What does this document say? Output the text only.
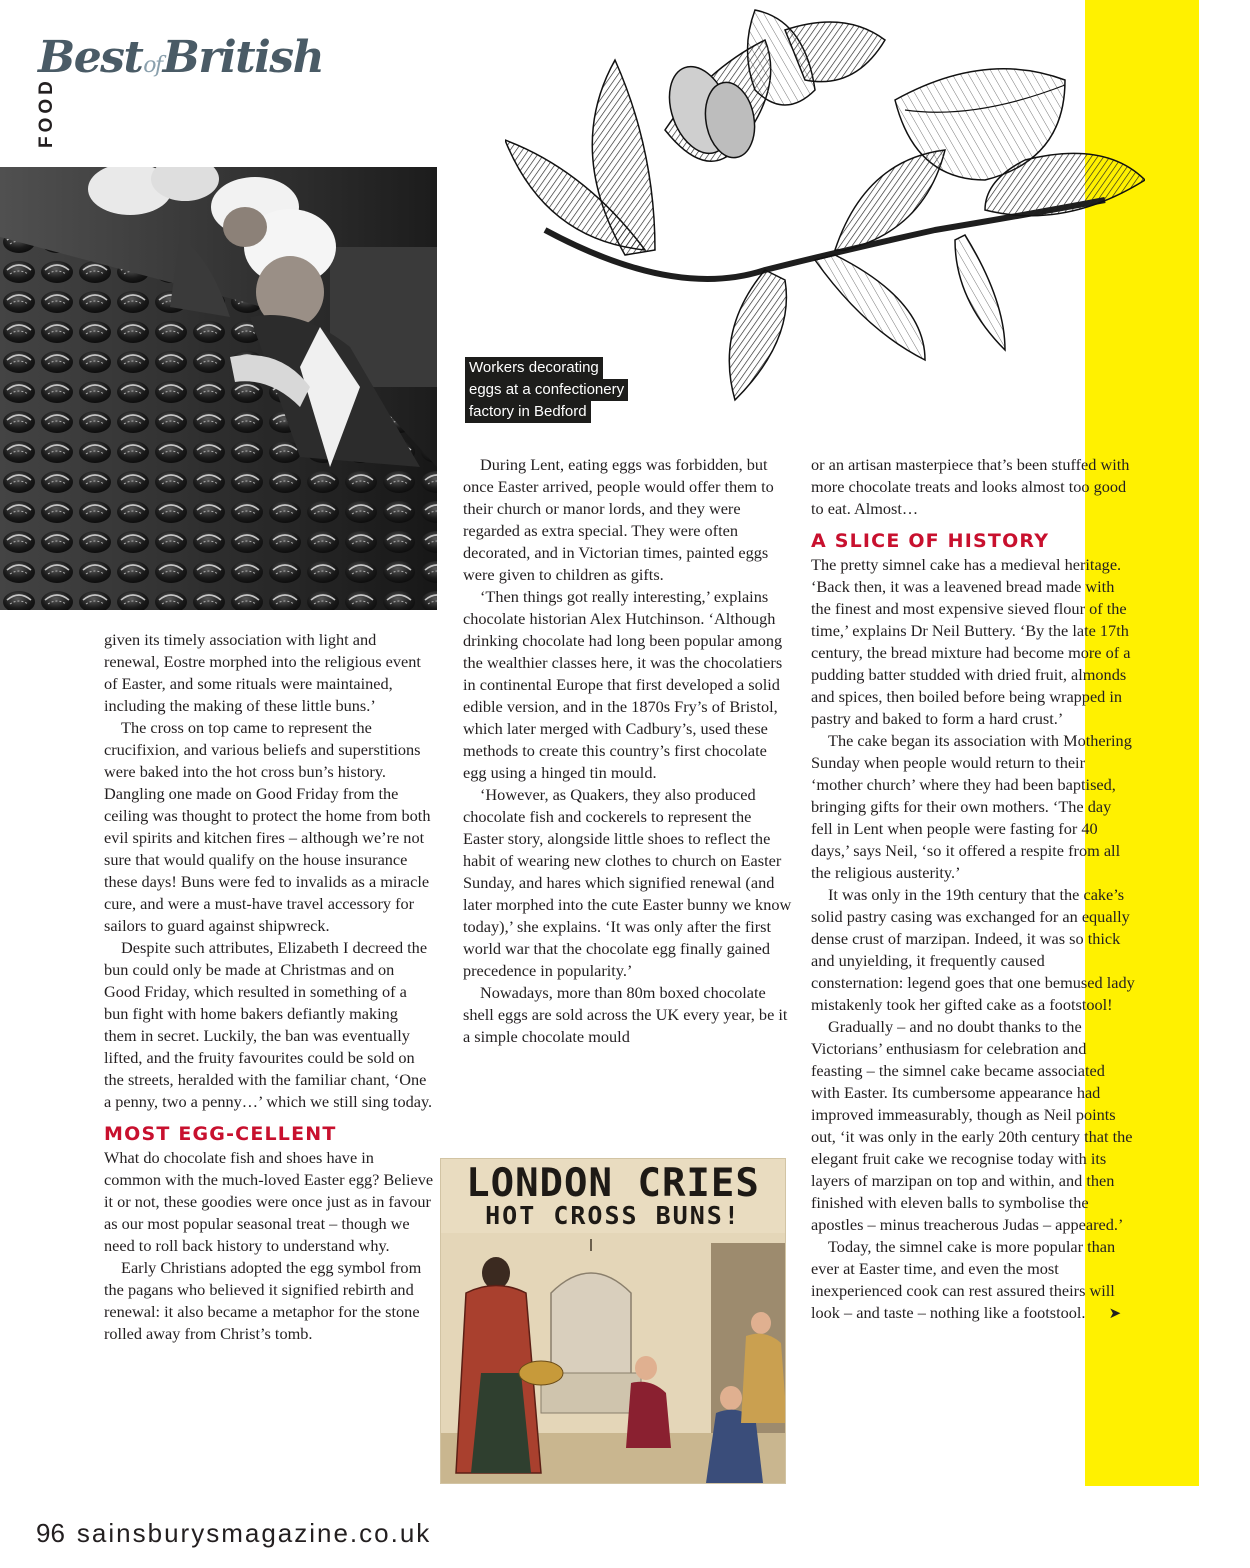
BestofBritish
FOOD
Workers decorating
eggs at a confectionery
factory in Bedford

given its timely association with light and renewal, Eostre morphed into the religious event of Easter, and some rituals were maintained, including the making of these little buns.’

The cross on top came to represent the crucifixion, and various beliefs and superstitions were baked into the hot cross bun’s history. Dangling one made on Good Friday from the ceiling was thought to protect the home from both evil spirits and kitchen fires – although we’re not sure that would qualify on the house insurance these days! Buns were fed to invalids as a miracle cure, and were a must-have travel accessory for sailors to guard against shipwreck.

Despite such attributes, Elizabeth I decreed the bun could only be made at Christmas and on Good Friday, which resulted in something of a bun fight with home bakers defiantly making them in secret. Luckily, the ban was eventually lifted, and the fruity favourites could be sold on the streets, heralded with the familiar chant, ‘One a penny, two a penny…’ which we still sing today.

MOST EGG-CELLENT

What do chocolate fish and shoes have in common with the much-loved Easter egg? Believe it or not, these goodies were once just as in favour as our most popular seasonal treat – though we need to roll back history to understand why.

Early Christians adopted the egg symbol from the pagans who believed it signified rebirth and renewal: it also became a metaphor for the stone rolled away from Christ’s tomb.

During Lent, eating eggs was forbidden, but once Easter arrived, people would offer them to their church or manor lords, and they were regarded as extra special. They were often decorated, and in Victorian times, painted eggs were given to children as gifts.

‘Then things got really interesting,’ explains chocolate historian Alex Hutchinson. ‘Although drinking chocolate had long been popular among the wealthier classes here, it was the chocolatiers in continental Europe that first developed a solid edible version, and in the 1870s Fry’s of Bristol, which later merged with Cadbury’s, used these methods to create this country’s first chocolate egg using a hinged tin mould.

‘However, as Quakers, they also produced chocolate fish and cockerels to represent the Easter story, alongside little shoes to reflect the habit of wearing new clothes to church on Easter Sunday, and hares which signified renewal (and later morphed into the cute Easter bunny we know today),’ she explains. ‘It was only after the first world war that the chocolate egg finally gained precedence in popularity.’

Nowadays, more than 80m boxed chocolate shell eggs are sold across the UK every year, be it a simple chocolate mould

LONDON CRIES
HOT CROSS BUNS!

or an artisan masterpiece that’s been stuffed with more chocolate treats and looks almost too good to eat. Almost…

A SLICE OF HISTORY

The pretty simnel cake has a medieval heritage. ‘Back then, it was a leavened bread made with the finest and most expensive sieved flour of the time,’ explains Dr Neil Buttery. ‘By the late 17th century, the bread mixture had become more of a pudding batter studded with dried fruit, almonds and spices, then boiled before being wrapped in pastry and baked to form a hard crust.’

The cake began its association with Mothering Sunday when people would return to their ‘mother church’ where they had been baptised, bringing gifts for their own mothers. ‘The day fell in Lent when people were fasting for 40 days,’ says Neil, ‘so it offered a respite from all the religious austerity.’

It was only in the 19th century that the cake’s solid pastry casing was exchanged for an equally dense crust of marzipan. Indeed, it was so thick and unyielding, it frequently caused consternation: legend goes that one bemused lady mistakenly took her gifted cake as a footstool!

Gradually – and no doubt thanks to the Victorians’ enthusiasm for celebration and feasting – the simnel cake became associated with Easter. Its cumbersome appearance had improved immeasurably, though as Neil points out, ‘it was only in the early 20th century that the elegant fruit cake we recognise today with its layers of marzipan on top and within, and then finished with eleven balls to symbolise the apostles – minus treacherous Judas – appeared.’

Today, the simnel cake is more popular than ever at Easter time, and even the most inexperienced cook can rest assured theirs will look – and taste – nothing like a footstool. ➤

96 sainsburysmagazine.co.uk
